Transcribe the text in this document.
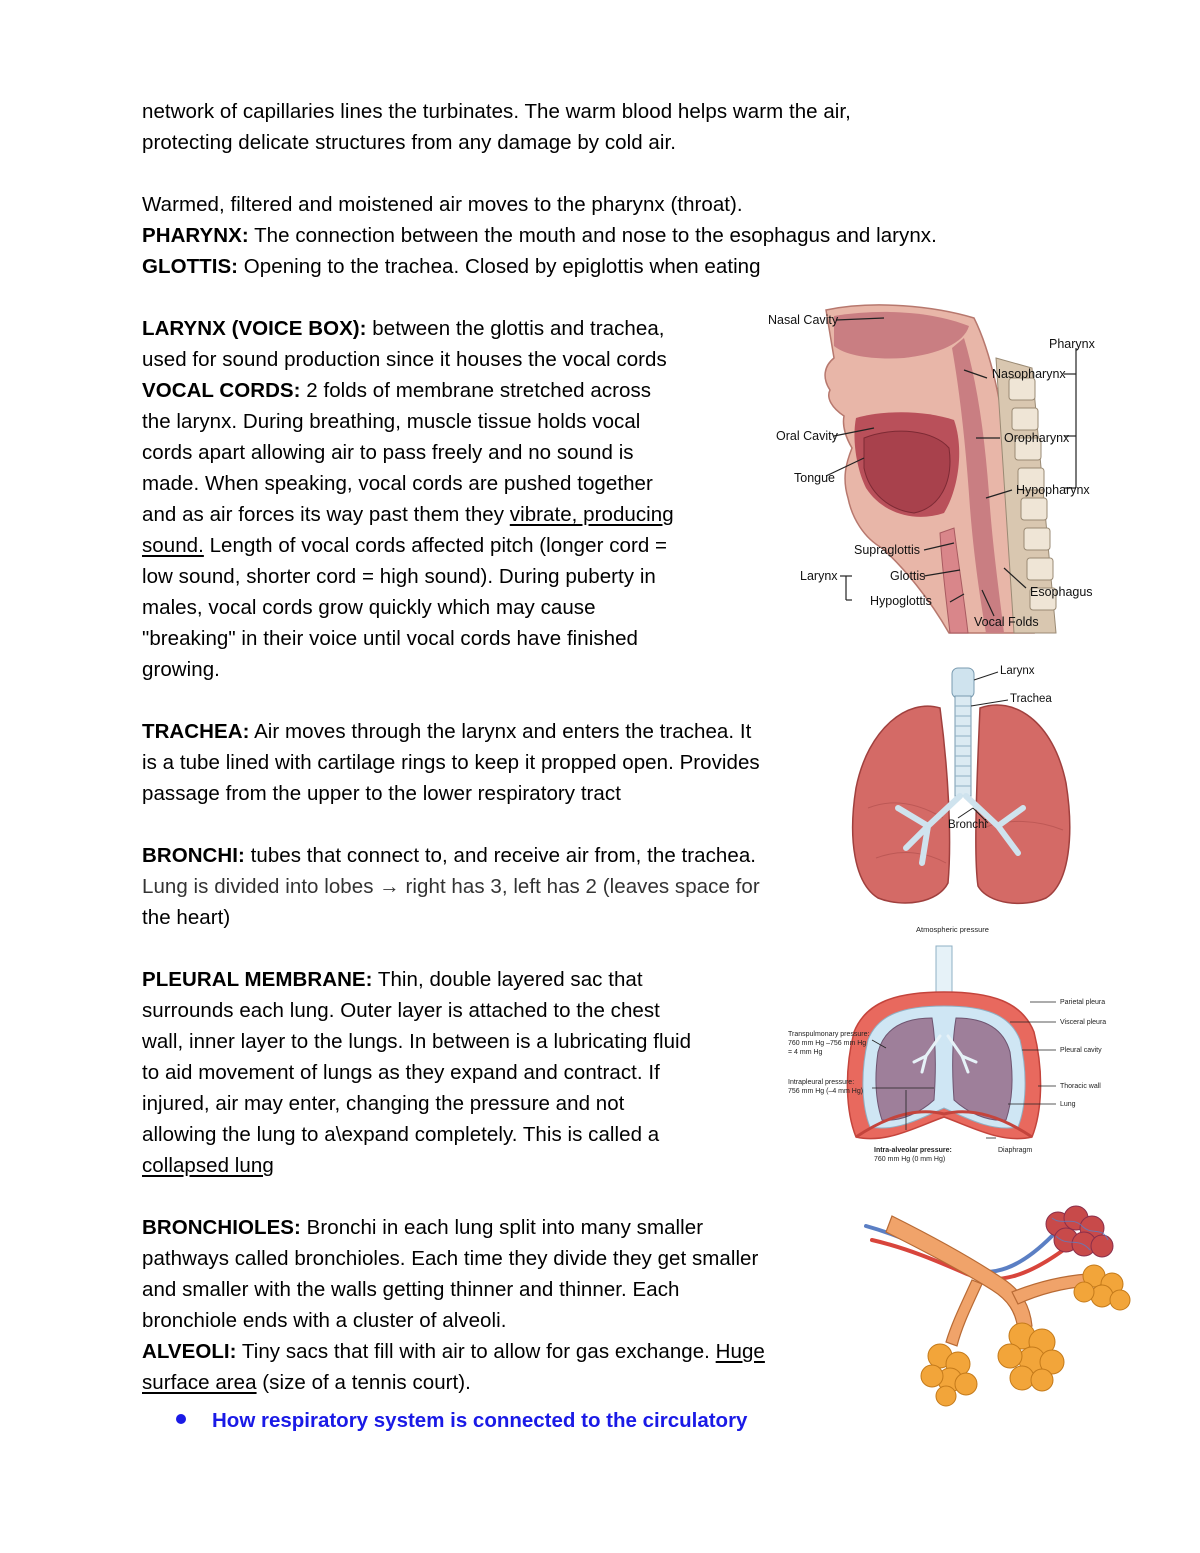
network of capillaries lines the turbinates. The warm blood helps warm the air,
protecting delicate structures from any damage by cold air.
Warmed, filtered and moistened air moves to the pharynx (throat).
PHARYNX: The connection between the mouth and nose to the esophagus and larynx.
GLOTTIS: Opening to the trachea. Closed by epiglottis when eating
LARYNX (VOICE BOX): between the glottis and trachea,
used for sound production since it houses the vocal cords
VOCAL CORDS: 2 folds of membrane stretched across
the larynx. During breathing, muscle tissue holds vocal
cords apart allowing air to pass freely and no sound is
made. When speaking, vocal cords are pushed together
and as air forces its way past them they vibrate, producing
sound. Length of vocal cords affected pitch (longer cord =
low sound, shorter cord = high sound). During puberty in
males, vocal cords grow quickly which may cause
"breaking" in their voice until vocal cords have finished
growing.
TRACHEA: Air moves through the larynx and enters the trachea. It
is a tube lined with cartilage rings to keep it propped open. Provides
passage from the upper to the lower respiratory tract
BRONCHI: tubes that connect to, and receive air from, the trachea.
Lung is divided into lobes → right has 3, left has 2 (leaves space for
the heart)
PLEURAL MEMBRANE: Thin, double layered sac that
surrounds each lung. Outer layer is attached to the chest
wall, inner layer to the lungs. In between is a lubricating fluid
to aid movement of lungs as they expand and contract. If
injured, air may enter, changing the pressure and not
allowing the lung to a\expand completely. This is called a
collapsed lung
BRONCHIOLES: Bronchi in each lung split into many smaller
pathways called bronchioles. Each time they divide they get smaller
and smaller with the walls getting thinner and thinner. Each
bronchiole ends with a cluster of alveoli.
ALVEOLI: Tiny sacs that fill with air to allow for gas exchange. Huge
surface area (size of a tennis court).
How respiratory system is connected to the circulatory
Nasal Cavity
Pharynx
Nasopharynx
Oral Cavity	Oropharynx
Tongue
Hypopharynx
Supraglottis
Larynx	Glottis
Hypoglottis
Esophagus
Vocal Folds
Larynx
Trachea
Bronchi
Atmospheric pressure
Parietal pleura
Visceral pleura
Transpulmonary pressure:
760 mm Hg –756 mm Hg
= 4 mm Hg	Pleural cavity
Intrapleural pressure:
756 mm Hg (–4 mm Hg)
Thoracic wall
Lung
Intra-alveolar pressure:
760 mm Hg (0 mm Hg)
Diaphragm
